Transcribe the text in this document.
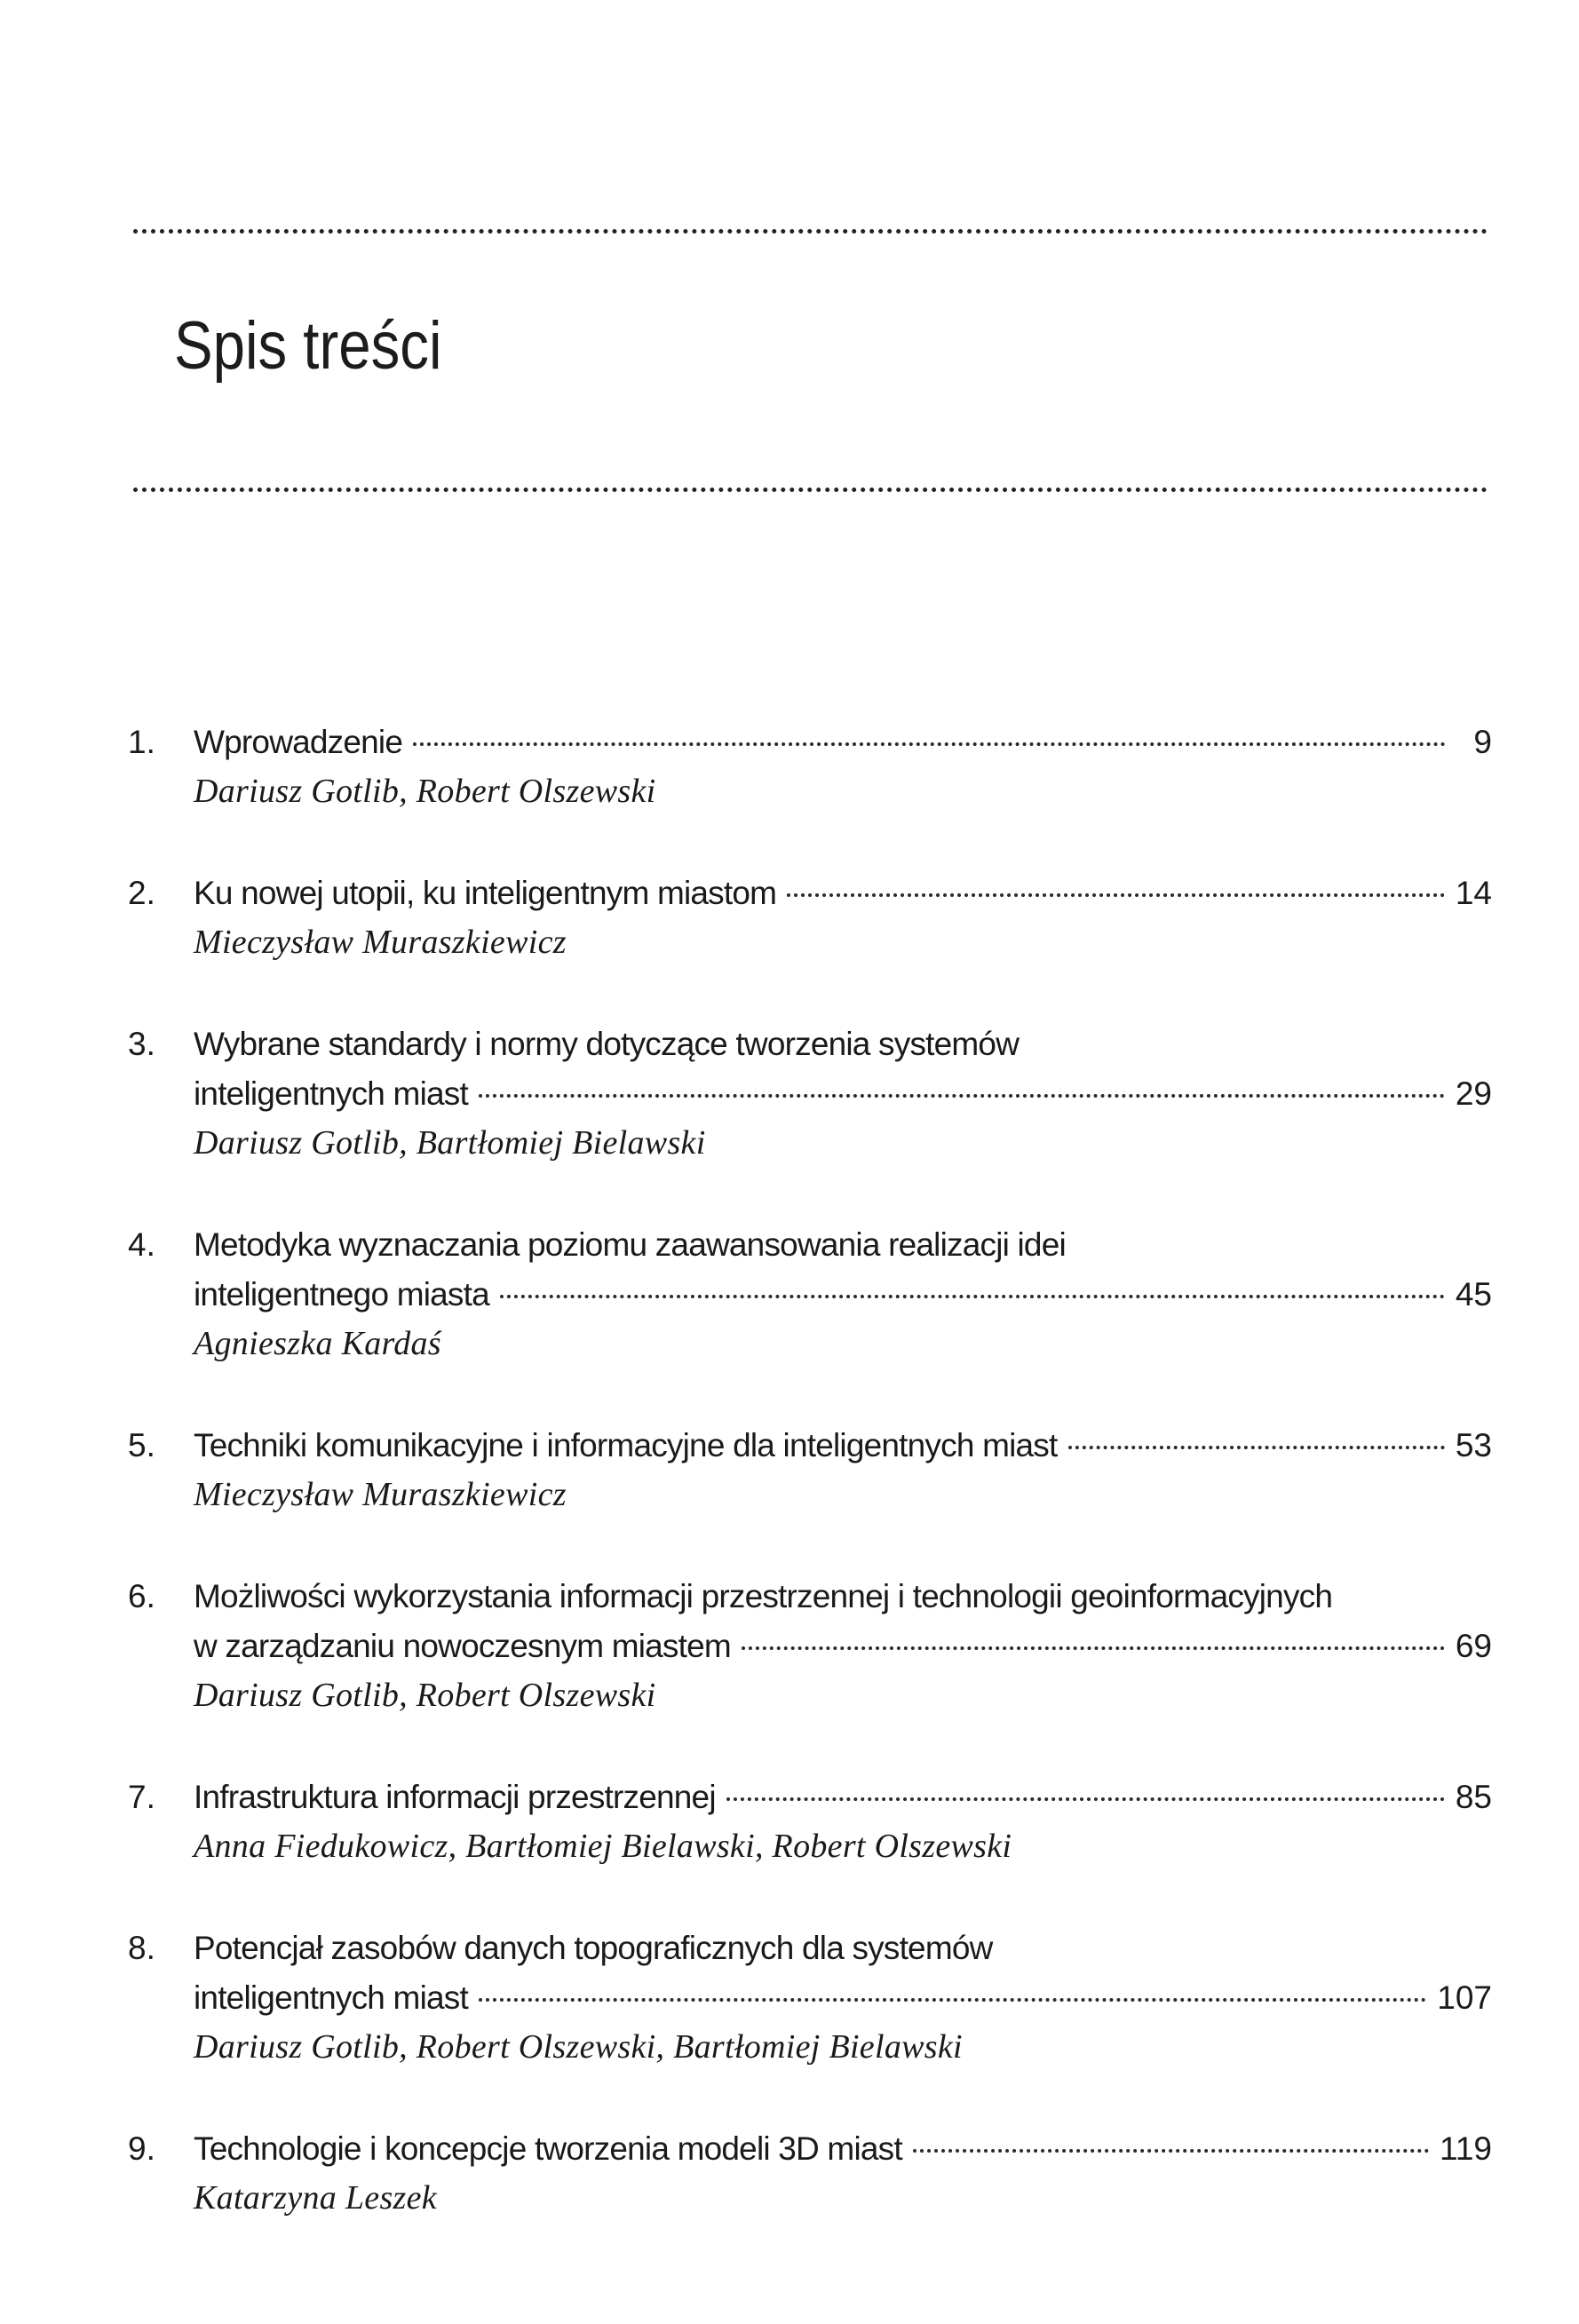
Spis treści
1.	Wprowadzenie	9
Dariusz Gotlib, Robert Olszewski
2.	Ku nowej utopii, ku inteligentnym miastom	14
Mieczysław Muraszkiewicz
3.	Wybrane standardy i normy dotyczące tworzenia systemów
inteligentnych miast	29
Dariusz Gotlib, Bartłomiej Bielawski
4.	Metodyka wyznaczania poziomu zaawansowania realizacji idei
inteligentnego miasta	45
Agnieszka Kardaś
5.	Techniki komunikacyjne i informacyjne dla inteligentnych miast	53
Mieczysław Muraszkiewicz
6.	Możliwości wykorzystania informacji przestrzennej i technologii geoinformacyjnych
w zarządzaniu nowoczesnym miastem	69
Dariusz Gotlib, Robert Olszewski
7.	Infrastruktura informacji przestrzennej	85
Anna Fiedukowicz, Bartłomiej Bielawski, Robert Olszewski
8.	Potencjał zasobów danych topograficznych dla systemów
inteligentnych miast	107
Dariusz Gotlib, Robert Olszewski, Bartłomiej Bielawski
9.	Technologie i koncepcje tworzenia modeli 3D miast	119
Katarzyna Leszek
